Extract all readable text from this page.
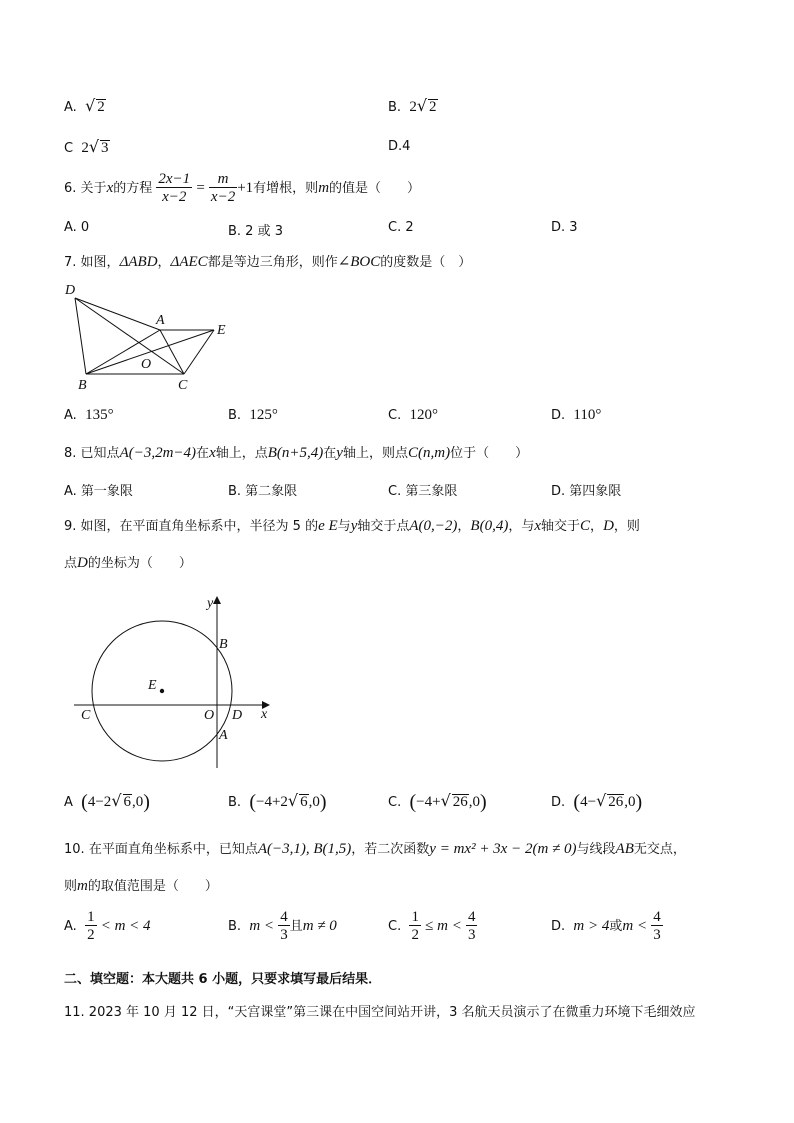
A. √ 2	B. 2√ 2
C 2√ 3	D.4
6. 关于x的方程 $\frac{2x-1}{x-2} = \frac{m}{x-2} +1$有增根，则m的值是（　　）
A. 0	B. 2 或 3	C. 2	D. 3
7. 如图，ΔABD，ΔAEC都是等边三角形，则作∠BOC的度数是（　）
D
A
E
O
B	C
A. 135°	B. 125°	C. 120°	D. 110°
8. 已知点A(−3,2m−4)在x轴上，点B(n+5,4)在y轴上，则点C(n,m)位于（　　）
A. 第一象限	B. 第二象限	C. 第三象限	D. 第四象限
9. 如图，在平面直角坐标系中，半径为 5 的e E与y轴交于点A(0,−2)，B(0,4)，与x轴交于C，D，则
点D的坐标为（　　）
y
B
E
C	O D x
A
A (4−2√ 6,0)	B. (−4+2√ 6,0)	C. (−4+√ 26,0)	D. (4−√ 26,0)
10. 在平面直角坐标系中，已知点A(−3,1), B(1,5)，若二次函数y = mx² + 3x − 2(m ≠ 0)与线段AB无交点，
则m的取值范围是（　　）
A. $\frac{1}{2} < m < 4$	B. $m < \frac{4}{3}$ 且m ≠ 0	C. $\frac{1}{2} \le m < \frac{4}{3}$	D. m > 4或$m < \frac{4}{3}$
二、填空题：本大题共 6 小题，只要求填写最后结果．
11. 2023 年 10 月 12 日，“天宫课堂”第三课在中国空间站开讲，3 名航天员演示了在微重力环境下毛细效应
